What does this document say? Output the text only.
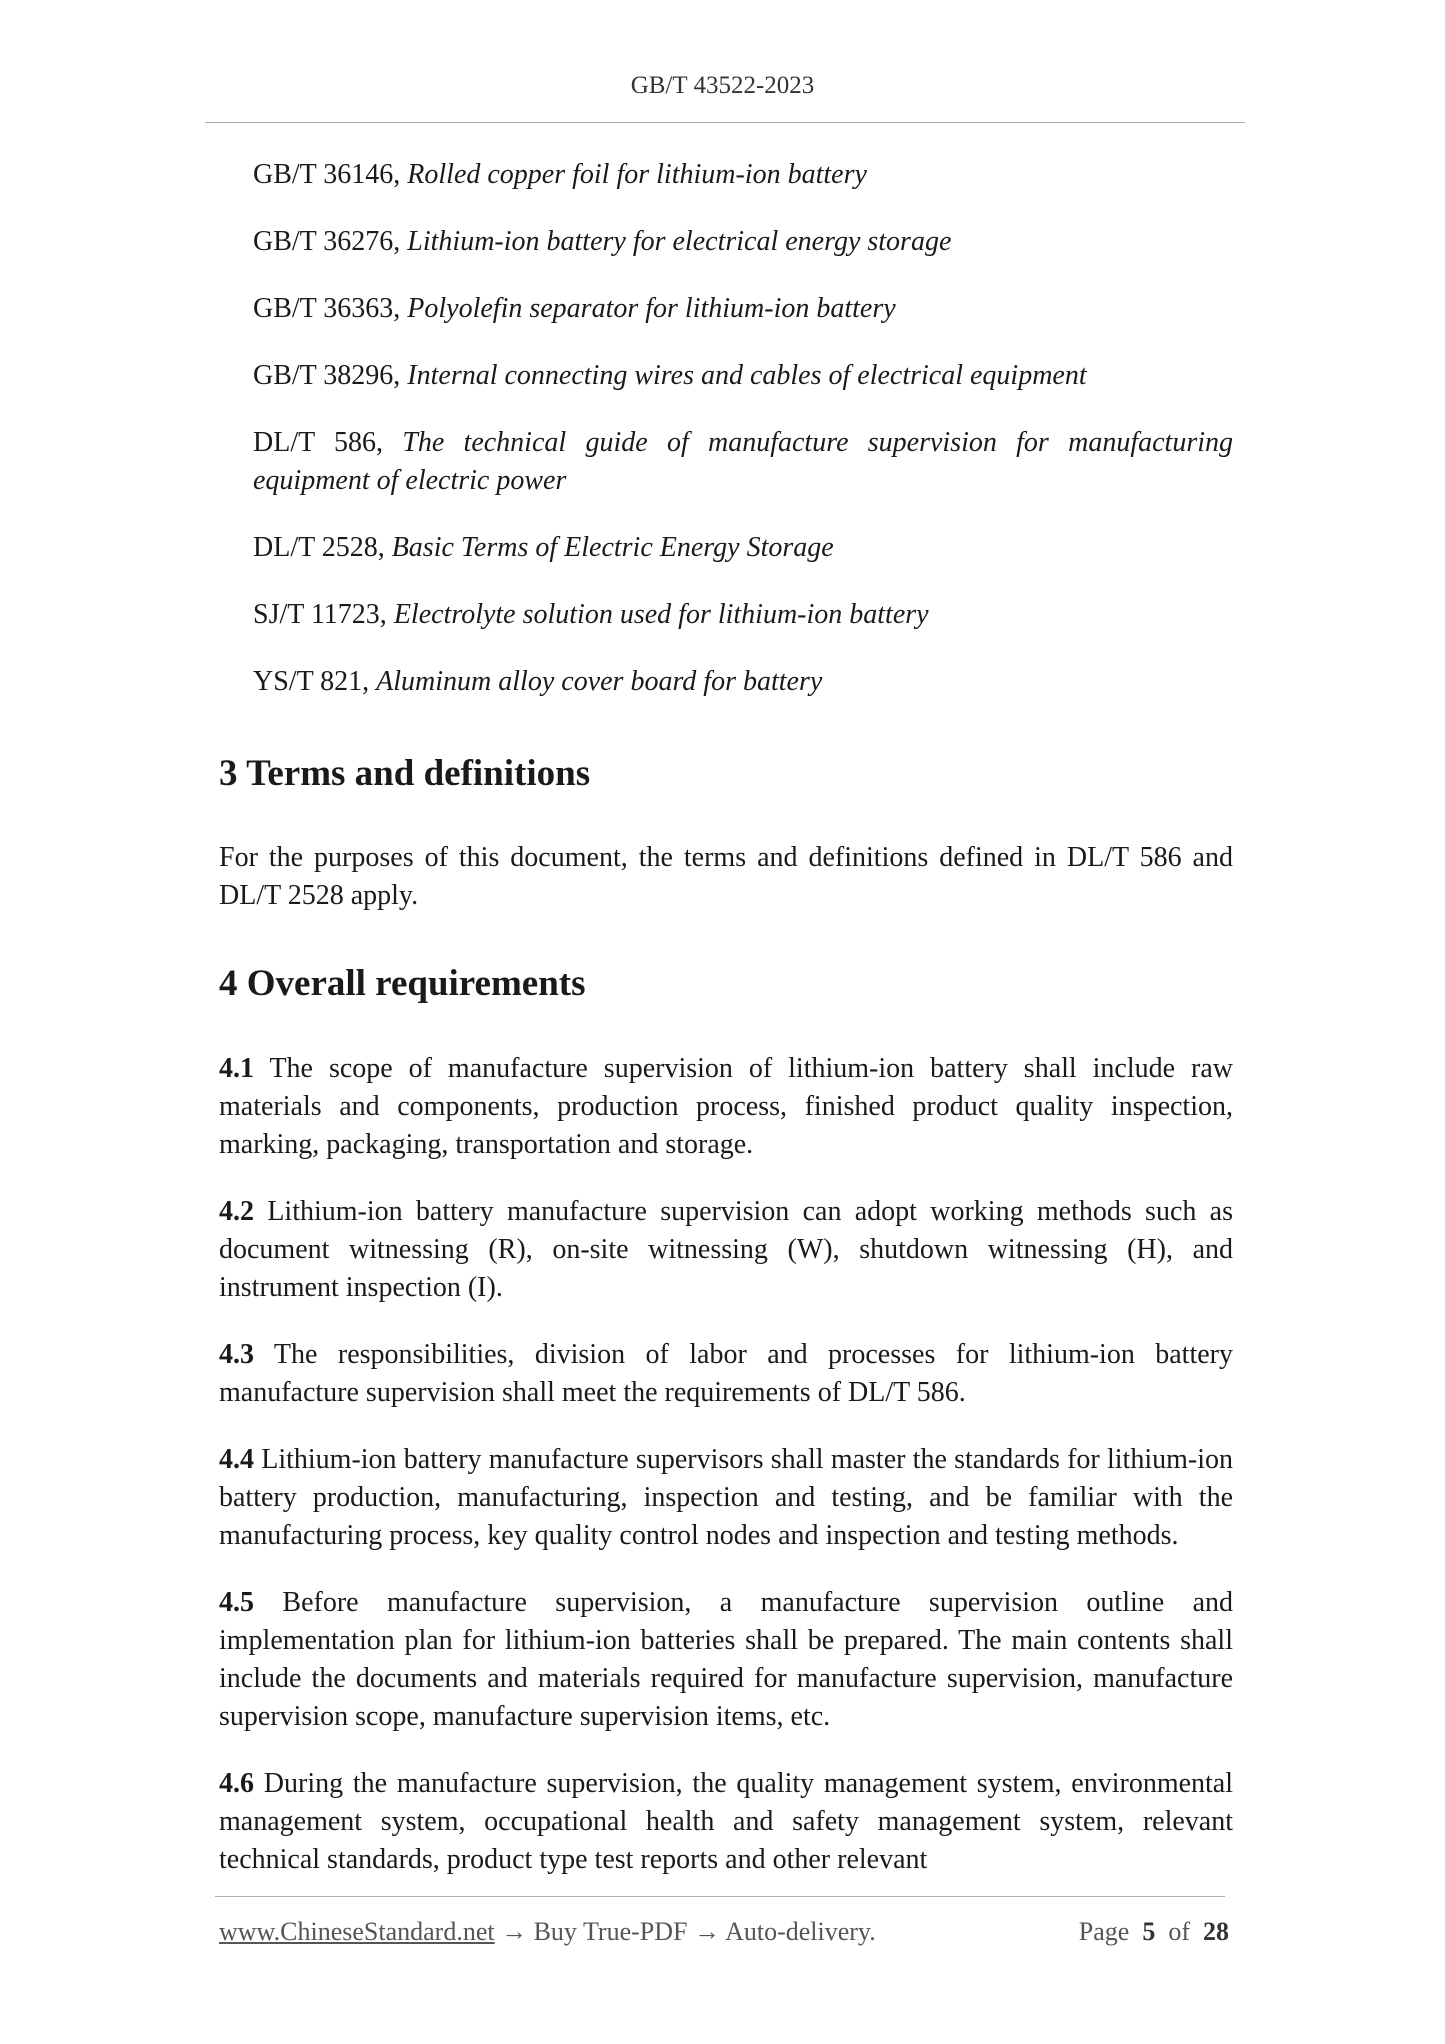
GB/T 43522-2023

GB/T 36146, Rolled copper foil for lithium-ion battery

GB/T 36276, Lithium-ion battery for electrical energy storage

GB/T 36363, Polyolefin separator for lithium-ion battery

GB/T 38296, Internal connecting wires and cables of electrical equipment

DL/T 586, The technical guide of manufacture supervision for manufacturing equipment of electric power

DL/T 2528, Basic Terms of Electric Energy Storage

SJ/T 11723, Electrolyte solution used for lithium-ion battery

YS/T 821, Aluminum alloy cover board for battery

3 Terms and definitions

For the purposes of this document, the terms and definitions defined in DL/T 586 and DL/T 2528 apply.

4 Overall requirements

4.1 The scope of manufacture supervision of lithium-ion battery shall include raw materials and components, production process, finished product quality inspection, marking, packaging, transportation and storage.

4.2 Lithium-ion battery manufacture supervision can adopt working methods such as document witnessing (R), on-site witnessing (W), shutdown witnessing (H), and instrument inspection (I).

4.3 The responsibilities, division of labor and processes for lithium-ion battery manufacture supervision shall meet the requirements of DL/T 586.

4.4 Lithium-ion battery manufacture supervisors shall master the standards for lithium-ion battery production, manufacturing, inspection and testing, and be familiar with the manufacturing process, key quality control nodes and inspection and testing methods.

4.5 Before manufacture supervision, a manufacture supervision outline and implementation plan for lithium-ion batteries shall be prepared. The main contents shall include the documents and materials required for manufacture supervision, manufacture supervision scope, manufacture supervision items, etc.

4.6 During the manufacture supervision, the quality management system, environmental management system, occupational health and safety management system, relevant technical standards, product type test reports and other relevant

www.ChineseStandard.net → Buy True-PDF → Auto-delivery.	Page 5 of 28
